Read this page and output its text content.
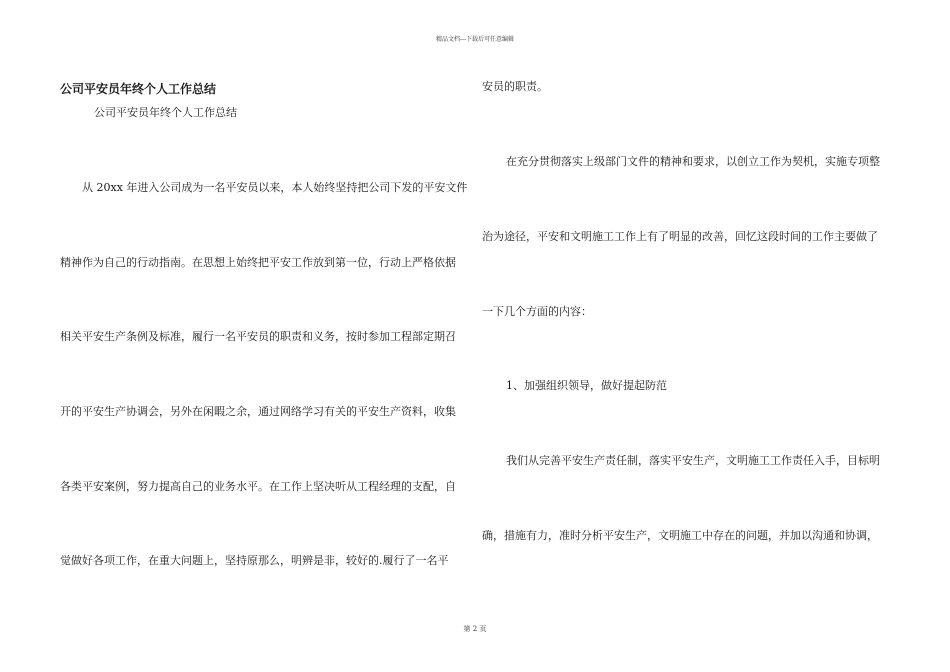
精品文档---下载后可任意编辑
公司平安员年终个人工作总结
公司平安员年终个人工作总结
从 20xx 年进入公司成为一名平安员以来，本人始终坚持把公司下发的平安文件
精神作为自己的行动指南。在思想上始终把平安工作放到第一位，行动上严格依据
相关平安生产条例及标准，履行一名平安员的职责和义务，按时参加工程部定期召
开的平安生产协调会，另外在闲暇之余，通过网络学习有关的平安生产资料，收集
各类平安案例，努力提高自己的业务水平。在工作上坚决听从工程经理的支配，自
觉做好各项工作，在重大问题上，坚持原那么，明辨是非，较好的.履行了一名平
安员的职责。
在充分贯彻落实上级部门文件的精神和要求，以创立工作为契机，实施专项整
治为途径，平安和文明施工工作上有了明显的改善，回忆这段时间的工作主要做了
一下几个方面的内容：
1、加强组织领导，做好提起防范
我们从完善平安生产责任制，落实平安生产，文明施工工作责任入手，目标明
确，措施有力，准时分析平安生产，文明施工中存在的问题，并加以沟通和协调，
第 2 页
